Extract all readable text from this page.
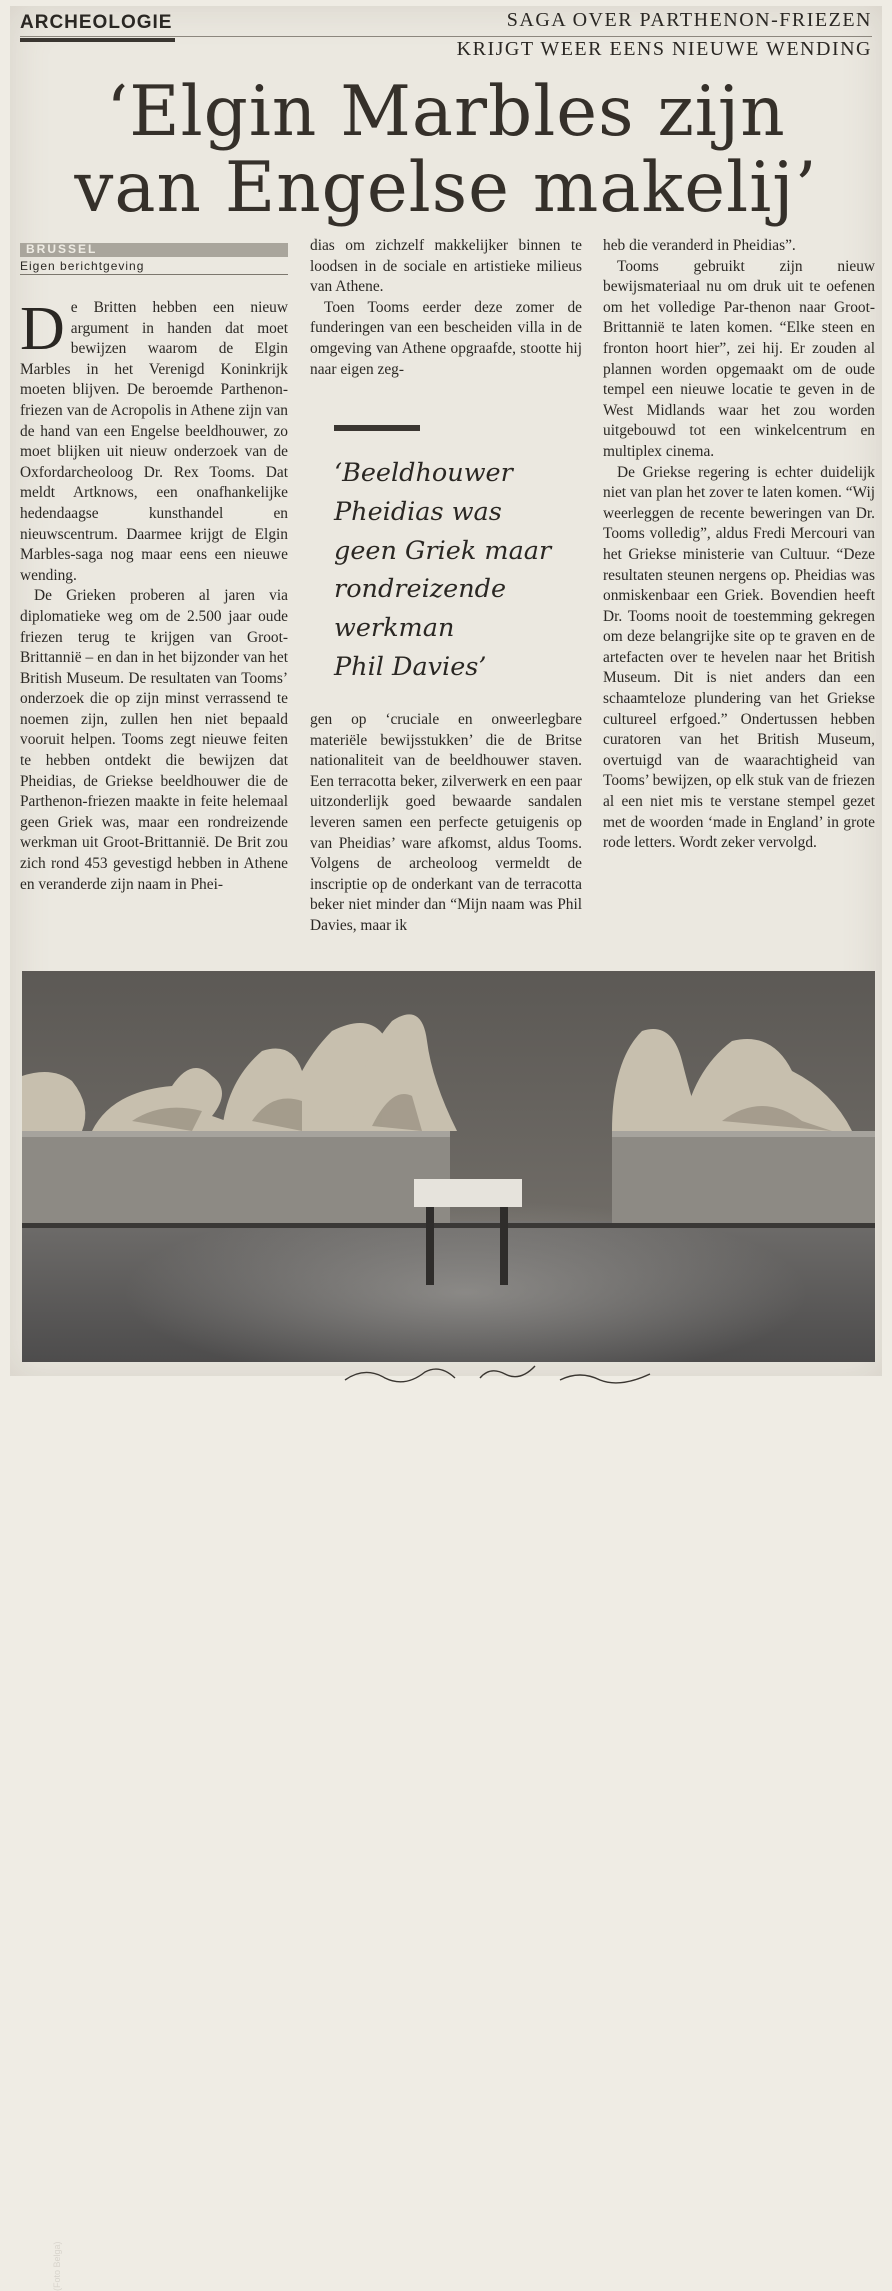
ARCHEOLOGIE	SAGA OVER PARTHENON-FRIEZEN
KRIJGT WEER EENS NIEUWE WENDING
‘Elgin Marbles zijn
van Engelse makelij’
BRUSSEL
Eigen berichtgeving

De Britten hebben een nieuw argument in handen dat moet bewijzen waarom de Elgin Marbles in het Verenigd Koninkrijk moeten blijven. De beroemde Parthenon-friezen van de Acropolis in Athene zijn van de hand van een Engelse beeldhouwer, zo moet blijken uit nieuw onderzoek van de Oxfordarcheoloog Dr. Rex Tooms. Dat meldt Artknows, een onafhankelijke hedendaagse kunsthandel en nieuwscentrum. Daarmee krijgt de Elgin Marbles-saga nog maar eens een nieuwe wending.

De Grieken proberen al jaren via diplomatieke weg om de 2.500 jaar oude friezen terug te krijgen van Groot-Brittannië – en dan in het bijzonder van het British Museum. De resultaten van Tooms’ onderzoek die op zijn minst verrassend te noemen zijn, zullen hen niet bepaald vooruit helpen. Tooms zegt nieuwe feiten te hebben ontdekt die bewijzen dat Pheidias, de Griekse beeldhouwer die de Parthenon-friezen maakte in feite helemaal geen Griek was, maar een rondreizende werkman uit Groot-Brittannië. De Brit zou zich rond 453 gevestigd hebben in Athene en veranderde zijn naam in Phei-

dias om zichzelf makkelijker binnen te loodsen in de sociale en artistieke milieus van Athene.

Toen Tooms eerder deze zomer de funderingen van een bescheiden villa in de omgeving van Athene opgraafde, stootte hij naar eigen zeg-

‘Beeldhouwer
Pheidias was
geen Griek maar
rondreizende
werkman
Phil Davies’

gen op ‘cruciale en onweerlegbare materiële bewijsstukken’ die de Britse nationaliteit van de beeldhouwer staven. Een terracotta beker, zilverwerk en een paar uitzonderlijk goed bewaarde sandalen leveren samen een perfecte getuigenis op van Pheidias’ ware afkomst, aldus Tooms. Volgens de archeoloog vermeldt de inscriptie op de onderkant van de terracotta beker niet minder dan “Mijn naam was Phil Davies, maar ik

heb die veranderd in Pheidias”.

Tooms gebruikt zijn nieuw bewijsmateriaal nu om druk uit te oefenen om het volledige Par-thenon naar Groot-Brittannië te laten komen. “Elke steen en fronton hoort hier”, zei hij. Er zouden al plannen worden opgemaakt om de oude tempel een nieuwe locatie te geven in de West Midlands waar het zou worden uitgebouwd tot een winkelcentrum en multiplex cinema.

De Griekse regering is echter duidelijk niet van plan het zover te laten komen. “Wij weerleggen de recente beweringen van Dr. Tooms volledig”, aldus Fredi Mercouri van het Griekse ministerie van Cultuur. “Deze resultaten steunen nergens op. Pheidias was onmiskenbaar een Griek. Bovendien heeft Dr. Tooms nooit de toestemming gekregen om deze belangrijke site op te graven en de artefacten over te hevelen naar het British Museum. Dit is niet anders dan een schaamteloze plundering van het Griekse cultureel erfgoed.” Ondertussen hebben curatoren van het British Museum, overtuigd van de waarachtigheid van Tooms’ bewijzen, op elk stuk van de friezen al een niet mis te verstane stempel gezet met de woorden ‘made in England’ in grote rode letters. Wordt zeker vervolgd.

(Foto Belga)
